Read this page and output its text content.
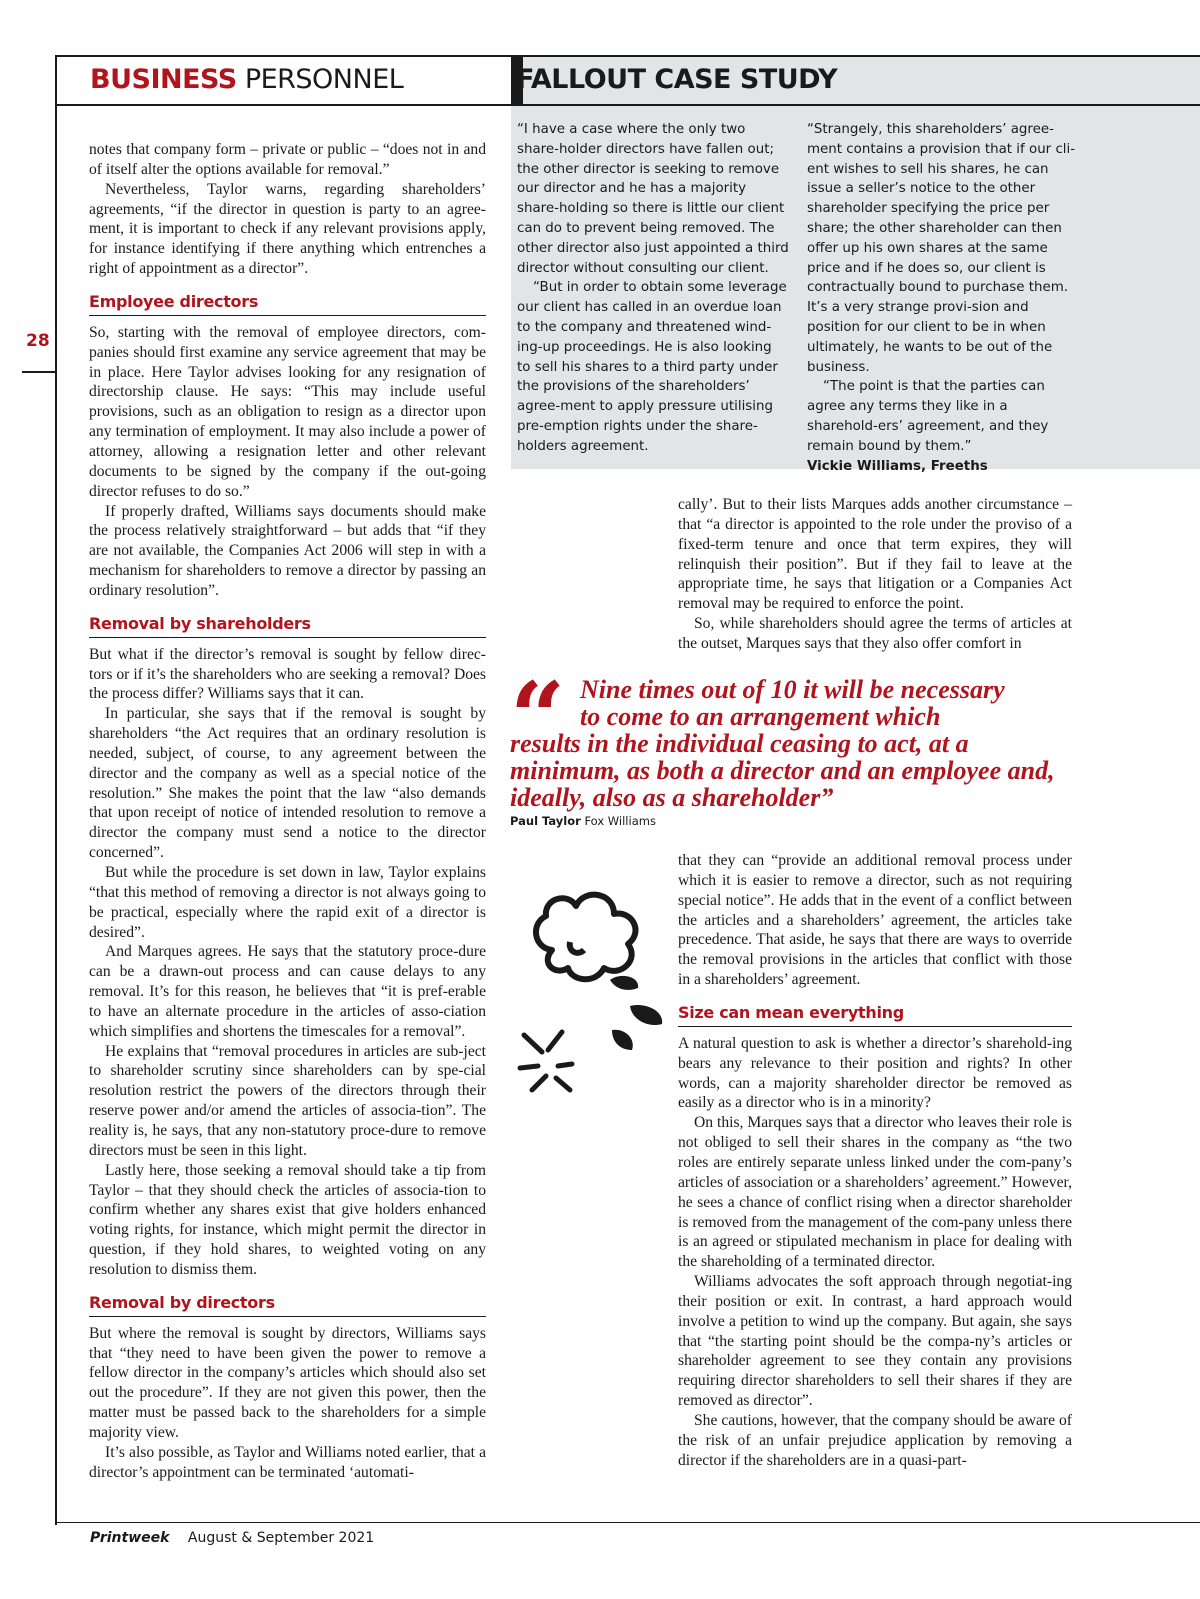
BUSINESS PERSONNEL
28
FALLOUT CASE STUDY

“I have a case where the only two share-holder directors have fallen out; the other director is seeking to remove our director and he has a majority share-holding so there is little our client can do to prevent being removed. The other director also just appointed a third director without consulting our client.

“But in order to obtain some leverage our client has called in an overdue loan to the company and threatened wind-ing-up proceedings. He is also looking to sell his shares to a third party under the provisions of the shareholders’ agree-ment to apply pressure utilising pre-emption rights under the share-holders agreement.

“Strangely, this shareholders’ agree-ment contains a provision that if our cli-ent wishes to sell his shares, he can issue a seller’s notice to the other shareholder specifying the price per share; the other shareholder can then offer up his own shares at the same price and if he does so, our client is contractually bound to purchase them. It’s a very strange provi-sion and position for our client to be in when ultimately, he wants to be out of the business.

“The point is that the parties can agree any terms they like in a sharehold-ers’ agreement, and they remain bound by them.”

Vickie Williams, Freeths

notes that company form – private or public – “does not in and of itself alter the options available for removal.”

Nevertheless, Taylor warns, regarding shareholders’ agreements, “if the director in question is party to an agree-ment, it is important to check if any relevant provisions apply, for instance identifying if there anything which entrenches a right of appointment as a director”.

Employee directors

So, starting with the removal of employee directors, com-panies should first examine any service agreement that may be in place. Here Taylor advises looking for any resignation of directorship clause. He says: “This may include useful provisions, such as an obligation to resign as a director upon any termination of employment. It may also include a power of attorney, allowing a resignation letter and other relevant documents to be signed by the company if the out-going director refuses to do so.”

If properly drafted, Williams says documents should make the process relatively straightforward – but adds that “if they are not available, the Companies Act 2006 will step in with a mechanism for shareholders to remove a director by passing an ordinary resolution”.

Removal by shareholders

But what if the director’s removal is sought by fellow direc-tors or if it’s the shareholders who are seeking a removal? Does the process differ? Williams says that it can.

In particular, she says that if the removal is sought by shareholders “the Act requires that an ordinary resolution is needed, subject, of course, to any agreement between the director and the company as well as a special notice of the resolution.” She makes the point that the law “also demands that upon receipt of notice of intended resolution to remove a director the company must send a notice to the director concerned”.

But while the procedure is set down in law, Taylor explains “that this method of removing a director is not always going to be practical, especially where the rapid exit of a director is desired”.

And Marques agrees. He says that the statutory proce-dure can be a drawn-out process and can cause delays to any removal. It’s for this reason, he believes that “it is pref-erable to have an alternate procedure in the articles of asso-ciation which simplifies and shortens the timescales for a removal”.

He explains that “removal procedures in articles are sub-ject to shareholder scrutiny since shareholders can by spe-cial resolution restrict the powers of the directors through their reserve power and/or amend the articles of associa-tion”. The reality is, he says, that any non-statutory proce-dure to remove directors must be seen in this light.

Lastly here, those seeking a removal should take a tip from Taylor – that they should check the articles of associa-tion to confirm whether any shares exist that give holders enhanced voting rights, for instance, which might permit the director in question, if they hold shares, to weighted voting on any resolution to dismiss them.

Removal by directors

But where the removal is sought by directors, Williams says that “they need to have been given the power to remove a fellow director in the company’s articles which should also set out the procedure”. If they are not given this power, then the matter must be passed back to the shareholders for a simple majority view.

It’s also possible, as Taylor and Williams noted earlier, that a director’s appointment can be terminated ‘automati-

cally’. But to their lists Marques adds another circumstance – that “a director is appointed to the role under the proviso of a fixed-term tenure and once that term expires, they will relinquish their position”. But if they fail to leave at the appropriate time, he says that litigation or a Companies Act removal may be required to enforce the point.

So, while shareholders should agree the terms of articles at the outset, Marques says that they also offer comfort in

“ Nine times out of 10 it will be necessary
to come to an arrangement which
results in the individual ceasing to act, at a minimum, as both a director and an employee and, ideally, also as a shareholder”
Paul Taylor Fox Williams

that they can “provide an additional removal process under which it is easier to remove a director, such as not requiring special notice”. He adds that in the event of a conflict between the articles and a shareholders’ agreement, the articles take precedence. That aside, he says that there are ways to override the removal provisions in the articles that conflict with those in a shareholders’ agreement.

Size can mean everything

A natural question to ask is whether a director’s sharehold-ing bears any relevance to their position and rights? In other words, can a majority shareholder director be removed as easily as a director who is in a minority?

On this, Marques says that a director who leaves their role is not obliged to sell their shares in the company as “the two roles are entirely separate unless linked under the com-pany’s articles of association or a shareholders’ agreement.” However, he sees a chance of conflict rising when a director shareholder is removed from the management of the com-pany unless there is an agreed or stipulated mechanism in place for dealing with the shareholding of a terminated director.

Williams advocates the soft approach through negotiat-ing their position or exit. In contrast, a hard approach would involve a petition to wind up the company. But again, she says that “the starting point should be the compa-ny’s articles or shareholder agreement to see they contain any provisions requiring director shareholders to sell their shares if they are removed as director”.

She cautions, however, that the company should be aware of the risk of an unfair prejudice application by removing a director if the shareholders are in a quasi-part-

Printweek August & September 2021
